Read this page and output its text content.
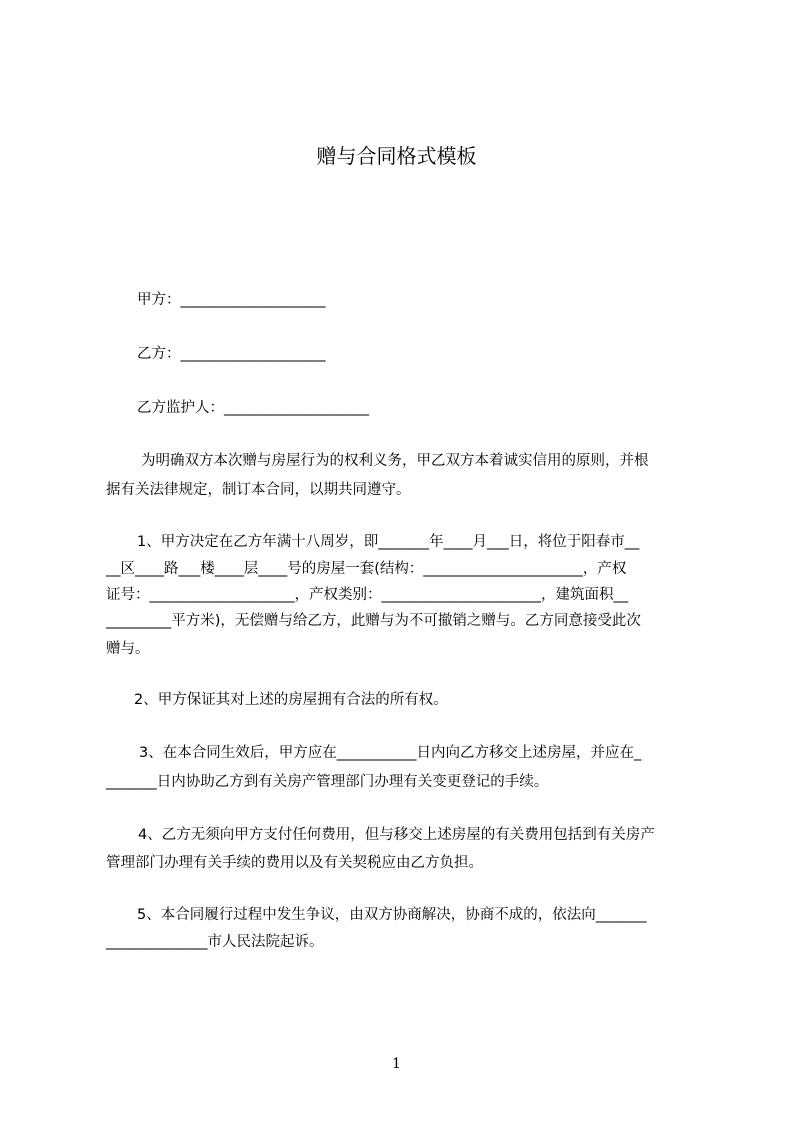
赠与合同格式模板
甲方：____________________
乙方：____________________
乙方监护人：____________________
为明确双方本次赠与房屋行为的权利义务，甲乙双方本着诚实信用的原则，并根
据有关法律规定，制订本合同，以期共同遵守。
1、甲方决定在乙方年满十八周岁，即_______年____月___日，将位于阳春市__
__区____路___楼____层____号的房屋一套(结构：______________________，产权
证号：____________________，产权类别：______________________，建筑面积__
_________平方米)，无偿赠与给乙方，此赠与为不可撤销之赠与。乙方同意接受此次
赠与。
2、甲方保证其对上述的房屋拥有合法的所有权。
3、在本合同生效后，甲方应在___________日内向乙方移交上述房屋，并应在_
_______日内协助乙方到有关房产管理部门办理有关变更登记的手续。
4、乙方无须向甲方支付任何费用，但与移交上述房屋的有关费用包括到有关房产
管理部门办理有关手续的费用以及有关契税应由乙方负担。
5、本合同履行过程中发生争议，由双方协商解决，协商不成的，依法向_______
______________市人民法院起诉。
1
